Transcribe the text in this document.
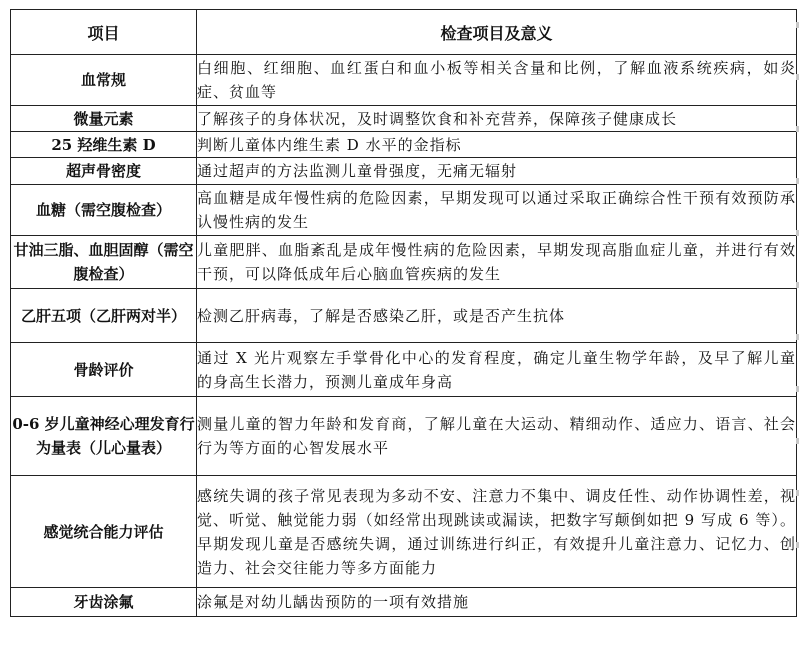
项目	检查项目及意义
血常规	白细胞、红细胞、血红蛋白和血小板等相关含量和比例，了解血液系统疾病，如炎症、贫血等
微量元素	了解孩子的身体状况，及时调整饮食和补充营养，保障孩子健康成长
25 羟维生素 D	判断儿童体内维生素 D 水平的金指标
超声骨密度	通过超声的方法监测儿童骨强度，无痛无辐射
血糖（需空腹检查）	高血糖是成年慢性病的危险因素，早期发现可以通过采取正确综合性干预有效预防承认慢性病的发生
甘油三脂、血胆固醇（需空腹检查）	儿童肥胖、血脂紊乱是成年慢性病的危险因素，早期发现高脂血症儿童，并进行有效干预，可以降低成年后心脑血管疾病的发生
乙肝五项（乙肝两对半）	检测乙肝病毒，了解是否感染乙肝，或是否产生抗体
骨龄评价	通过 X 光片观察左手掌骨化中心的发育程度，确定儿童生物学年龄，及早了解儿童的身高生长潜力，预测儿童成年身高
0-6 岁儿童神经心理发育行为量表（儿心量表）	测量儿童的智力年龄和发育商，了解儿童在大运动、精细动作、适应力、语言、社会行为等方面的心智发展水平
感觉统合能力评估	感统失调的孩子常见表现为多动不安、注意力不集中、调皮任性、动作协调性差，视觉、听觉、触觉能力弱（如经常出现跳读或漏读，把数字写颠倒如把 9 写成 6 等）。早期发现儿童是否感统失调，通过训练进行纠正，有效提升儿童注意力、记忆力、创造力、社会交往能力等多方面能力
牙齿涂氟	涂氟是对幼儿龋齿预防的一项有效措施
